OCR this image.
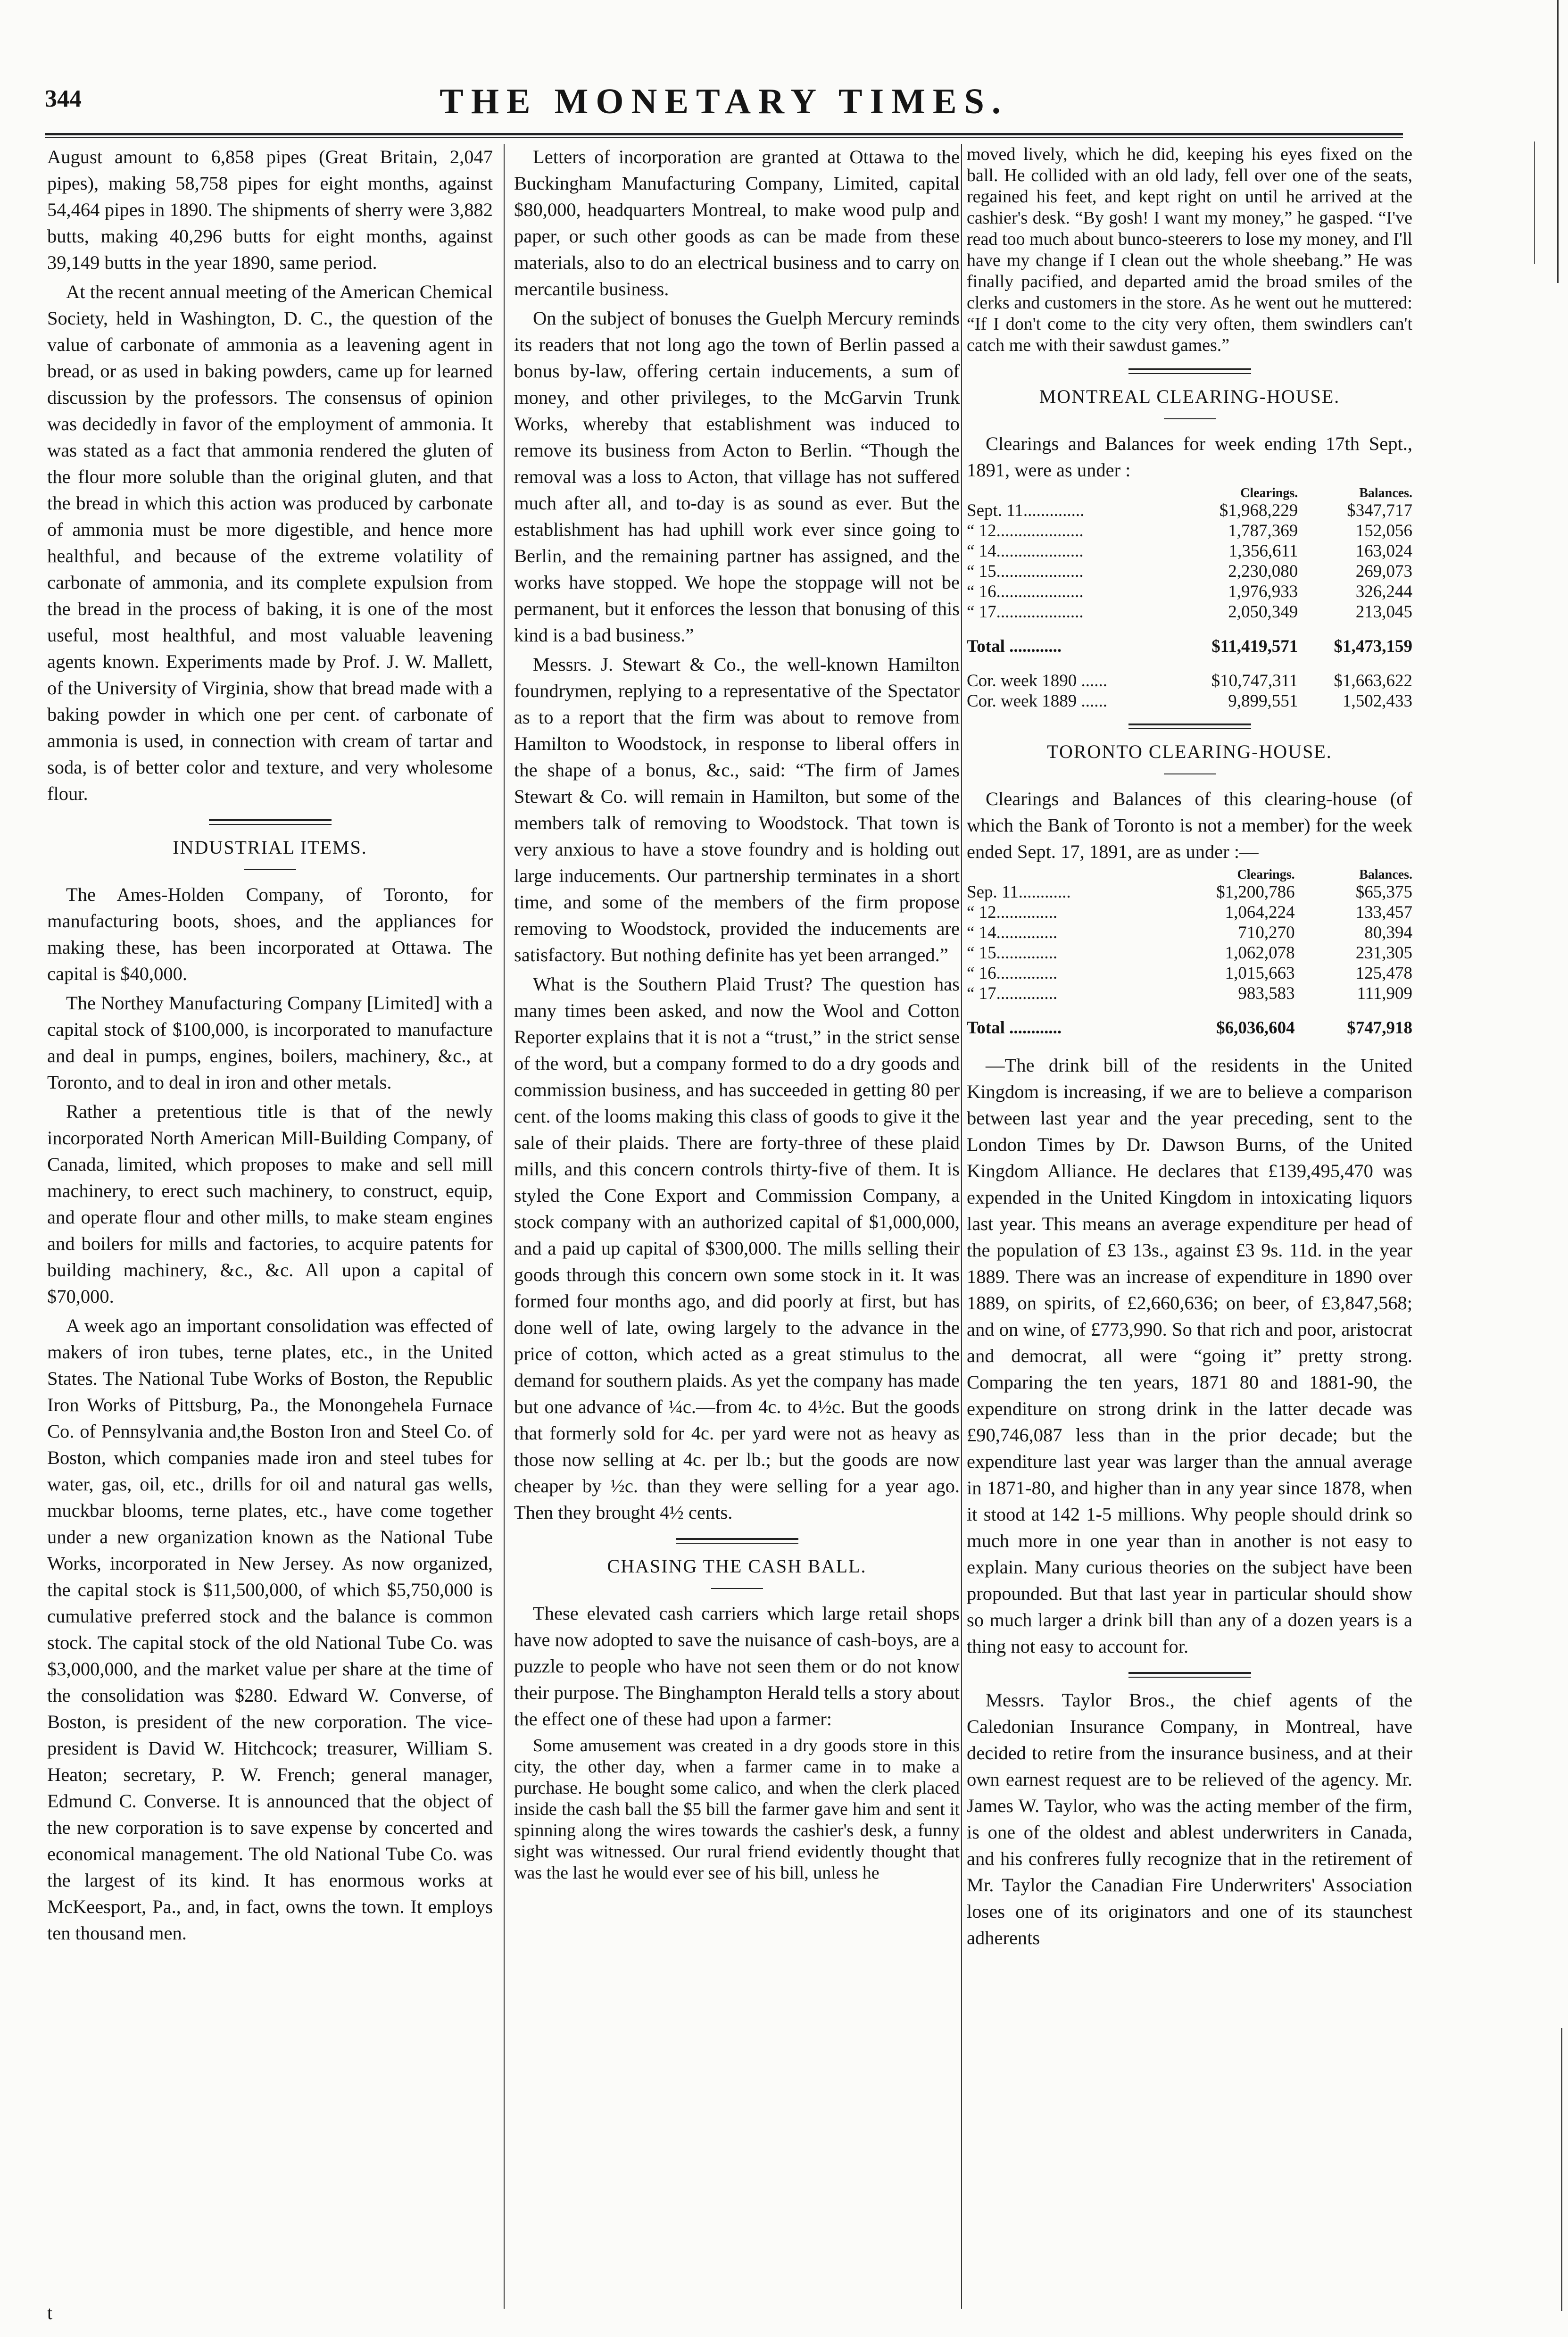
344	THE MONETARY TIMES.

August amount to 6,858 pipes (Great Britain, 2,047 pipes), making 58,758 pipes for eight months, against 54,464 pipes in 1890. The shipments of sherry were 3,882 butts, making 40,296 butts for eight months, against 39,149 butts in the year 1890, same period.

At the recent annual meeting of the American Chemical Society, held in Washington, D. C., the question of the value of carbonate of ammonia as a leavening agent in bread, or as used in baking powders, came up for learned discussion by the professors. The consensus of opinion was decidedly in favor of the employment of ammonia. It was stated as a fact that ammonia rendered the gluten of the flour more soluble than the original gluten, and that the bread in which this action was produced by carbonate of ammonia must be more digestible, and hence more healthful, and because of the extreme volatility of carbonate of ammonia, and its complete expulsion from the bread in the process of baking, it is one of the most useful, most healthful, and most valuable leavening agents known. Experiments made by Prof. J. W. Mallett, of the University of Virginia, show that bread made with a baking powder in which one per cent. of carbonate of ammonia is used, in connection with cream of tartar and soda, is of better color and texture, and very wholesome flour.

INDUSTRIAL ITEMS.

The Ames-Holden Company, of Toronto, for manufacturing boots, shoes, and the appliances for making these, has been incorporated at Ottawa. The capital is $40,000.

The Northey Manufacturing Company [Limited] with a capital stock of $100,000, is incorporated to manufacture and deal in pumps, engines, boilers, machinery, &c., at Toronto, and to deal in iron and other metals.

Rather a pretentious title is that of the newly incorporated North American Mill-Building Company, of Canada, limited, which proposes to make and sell mill machinery, to erect such machinery, to construct, equip, and operate flour and other mills, to make steam engines and boilers for mills and factories, to acquire patents for building machinery, &c., &c. All upon a capital of $70,000.

A week ago an important consolidation was effected of makers of iron tubes, terne plates, etc., in the United States. The National Tube Works of Boston, the Republic Iron Works of Pittsburg, Pa., the Monongehela Furnace Co. of Pennsylvania and,the Boston Iron and Steel Co. of Boston, which companies made iron and steel tubes for water, gas, oil, etc., drills for oil and natural gas wells, muckbar blooms, terne plates, etc., have come together under a new organization known as the National Tube Works, incorporated in New Jersey. As now organized, the capital stock is $11,500,000, of which $5,750,000 is cumulative preferred stock and the balance is common stock. The capital stock of the old National Tube Co. was $3,000,000, and the market value per share at the time of the consolidation was $280. Edward W. Converse, of Boston, is president of the new corporation. The vice-president is David W. Hitchcock; treasurer, William S. Heaton; secretary, P. W. French; general manager, Edmund C. Converse. It is announced that the object of the new corporation is to save expense by concerted and economical management. The old National Tube Co. was the largest of its kind. It has enormous works at McKeesport, Pa., and, in fact, owns the town. It employs ten thousand men.

Letters of incorporation are granted at Ottawa to the Buckingham Manufacturing Company, Limited, capital $80,000, headquarters Montreal, to make wood pulp and paper, or such other goods as can be made from these materials, also to do an electrical business and to carry on mercantile business.

On the subject of bonuses the Guelph Mercury reminds its readers that not long ago the town of Berlin passed a bonus by-law, offering certain inducements, a sum of money, and other privileges, to the McGarvin Trunk Works, whereby that establishment was induced to remove its business from Acton to Berlin. “Though the removal was a loss to Acton, that village has not suffered much after all, and to-day is as sound as ever. But the establishment has had uphill work ever since going to Berlin, and the remaining partner has assigned, and the works have stopped. We hope the stoppage will not be permanent, but it enforces the lesson that bonusing of this kind is a bad business.”

Messrs. J. Stewart & Co., the well-known Hamilton foundrymen, replying to a representative of the Spectator as to a report that the firm was about to remove from Hamilton to Woodstock, in response to liberal offers in the shape of a bonus, &c., said: “The firm of James Stewart & Co. will remain in Hamilton, but some of the members talk of removing to Woodstock. That town is very anxious to have a stove foundry and is holding out large inducements. Our partnership terminates in a short time, and some of the members of the firm propose removing to Woodstock, provided the inducements are satisfactory. But nothing definite has yet been arranged.”

What is the Southern Plaid Trust? The question has many times been asked, and now the Wool and Cotton Reporter explains that it is not a “trust,” in the strict sense of the word, but a company formed to do a dry goods and commission business, and has succeeded in getting 80 per cent. of the looms making this class of goods to give it the sale of their plaids. There are forty-three of these plaid mills, and this concern controls thirty-five of them. It is styled the Cone Export and Commission Company, a stock company with an authorized capital of $1,000,000, and a paid up capital of $300,000. The mills selling their goods through this concern own some stock in it. It was formed four months ago, and did poorly at first, but has done well of late, owing largely to the advance in the price of cotton, which acted as a great stimulus to the demand for southern plaids. As yet the company has made but one advance of ¼c.—from 4c. to 4½c. But the goods that formerly sold for 4c. per yard were not as heavy as those now selling at 4c. per lb.; but the goods are now cheaper by ½c. than they were selling for a year ago. Then they brought 4½ cents.

CHASING THE CASH BALL.

These elevated cash carriers which large retail shops have now adopted to save the nuisance of cash-boys, are a puzzle to people who have not seen them or do not know their purpose. The Binghampton Herald tells a story about the effect one of these had upon a farmer:

Some amusement was created in a dry goods store in this city, the other day, when a farmer came in to make a purchase. He bought some calico, and when the clerk placed inside the cash ball the $5 bill the farmer gave him and sent it spinning along the wires towards the cashier's desk, a funny sight was witnessed. Our rural friend evidently thought that was the last he would ever see of his bill, unless he

moved lively, which he did, keeping his eyes fixed on the ball. He collided with an old lady, fell over one of the seats, regained his feet, and kept right on until he arrived at the cashier's desk. “By gosh! I want my money,” he gasped. “I've read too much about bunco-steerers to lose my money, and I'll have my change if I clean out the whole sheebang.” He was finally pacified, and departed amid the broad smiles of the clerks and customers in the store. As he went out he muttered: “If I don't come to the city very often, them swindlers can't catch me with their sawdust games.”

MONTREAL CLEARING-HOUSE.

Clearings and Balances for week ending 17th Sept., 1891, were as under :

	Clearings.	Balances.
Sept. 11..............	$1,968,229	$347,717
“ 12....................	1,787,369	152,056
“ 14....................	1,356,611	163,024
“ 15....................	2,230,080	269,073
“ 16....................	1,976,933	326,244
“ 17....................	2,050,349	213,045
Total ............	$11,419,571	$1,473,159
Cor. week 1890 ......	$10,747,311	$1,663,622
Cor. week 1889 ......	9,899,551	1,502,433
TORONTO CLEARING-HOUSE.

Clearings and Balances of this clearing-house (of which the Bank of Toronto is not a member) for the week ended Sept. 17, 1891, are as under :—

	Clearings.	Balances.
Sep. 11............	$1,200,786	$65,375
“ 12..............	1,064,224	133,457
“ 14..............	710,270	80,394
“ 15..............	1,062,078	231,305
“ 16..............	1,015,663	125,478
“ 17..............	983,583	111,909
Total ............	$6,036,604	$747,918

—The drink bill of the residents in the United Kingdom is increasing, if we are to believe a comparison between last year and the year preceding, sent to the London Times by Dr. Dawson Burns, of the United Kingdom Alliance. He declares that £139,495,470 was expended in the United Kingdom in intoxicating liquors last year. This means an average expenditure per head of the population of £3 13s., against £3 9s. 11d. in the year 1889. There was an increase of expenditure in 1890 over 1889, on spirits, of £2,660,636; on beer, of £3,847,568; and on wine, of £773,990. So that rich and poor, aristocrat and democrat, all were “going it” pretty strong. Comparing the ten years, 1871 80 and 1881-90, the expenditure on strong drink in the latter decade was £90,746,087 less than in the prior decade; but the expenditure last year was larger than the annual average in 1871-80, and higher than in any year since 1878, when it stood at 142 1-5 millions. Why people should drink so much more in one year than in another is not easy to explain. Many curious theories on the subject have been propounded. But that last year in particular should show so much larger a drink bill than any of a dozen years is a thing not easy to account for.

Messrs. Taylor Bros., the chief agents of the Caledonian Insurance Company, in Montreal, have decided to retire from the insurance business, and at their own earnest request are to be relieved of the agency. Mr. James W. Taylor, who was the acting member of the firm, is one of the oldest and ablest underwriters in Canada, and his confreres fully recognize that in the retirement of Mr. Taylor the Canadian Fire Underwriters' Association loses one of its originators and one of its staunchest adherents

t
